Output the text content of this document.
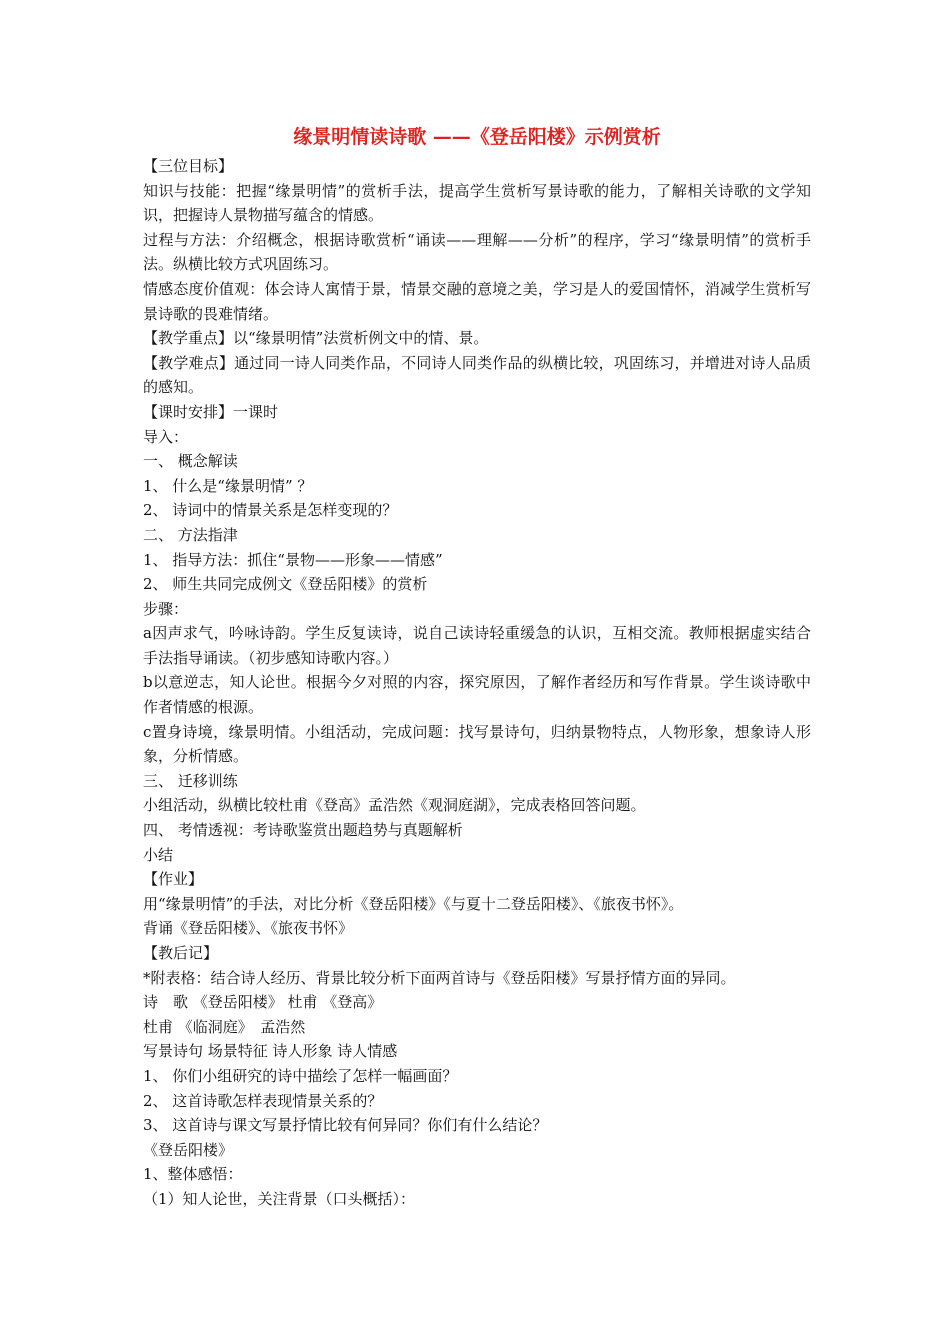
缘景明情读诗歌 ——《登岳阳楼》示例赏析

【三位目标】

知识与技能：把握“缘景明情”的赏析手法，提高学生赏析写景诗歌的能力，了解相关诗歌的文学知识，把握诗人景物描写蕴含的情感。

过程与方法：介绍概念，根据诗歌赏析“诵读——理解——分析”的程序，学习“缘景明情”的赏析手法。纵横比较方式巩固练习。

情感态度价值观：体会诗人寓情于景，情景交融的意境之美，学习是人的爱国情怀，消减学生赏析写景诗歌的畏难情绪。

【教学重点】以“缘景明情”法赏析例文中的情、景。

【教学难点】通过同一诗人同类作品，不同诗人同类作品的纵横比较，巩固练习，并增进对诗人品质的感知。

【课时安排】一课时

导入：

一、 概念解读

1、 什么是“缘景明情” ？

2、 诗词中的情景关系是怎样变现的？

二、 方法指津

1、 指导方法：抓住“景物——形象——情感”

2、 师生共同完成例文《登岳阳楼》的赏析

步骤：

a因声求气，吟咏诗韵。学生反复读诗，说自己读诗轻重缓急的认识，互相交流。教师根据虚实结合手法指导诵读。（初步感知诗歌内容。）

b以意逆志，知人论世。根据今夕对照的内容，探究原因，了解作者经历和写作背景。学生谈诗歌中作者情感的根源。

c置身诗境，缘景明情。小组活动，完成问题：找写景诗句，归纳景物特点，人物形象，想象诗人形象，分析情感。

三、 迁移训练

小组活动，纵横比较杜甫《登高》孟浩然《观洞庭湖》，完成表格回答问题。

四、 考情透视：考诗歌鉴赏出题趋势与真题解析

小结

【作业】

用“缘景明情”的手法，对比分析《登岳阳楼》《与夏十二登岳阳楼》、《旅夜书怀》。

背诵《登岳阳楼》、《旅夜书怀》

【教后记】

*附表格：结合诗人经历、背景比较分析下面两首诗与《登岳阳楼》写景抒情方面的异同。

诗　歌 《登岳阳楼》 杜甫 《登高》

杜甫 《临洞庭》　孟浩然

写景诗句 场景特征 诗人形象 诗人情感

1、 你们小组研究的诗中描绘了怎样一幅画面？

2、 这首诗歌怎样表现情景关系的？

3、 这首诗与课文写景抒情比较有何异同？你们有什么结论？

《登岳阳楼》

1、整体感悟：

（1）知人论世，关注背景（口头概括）：
